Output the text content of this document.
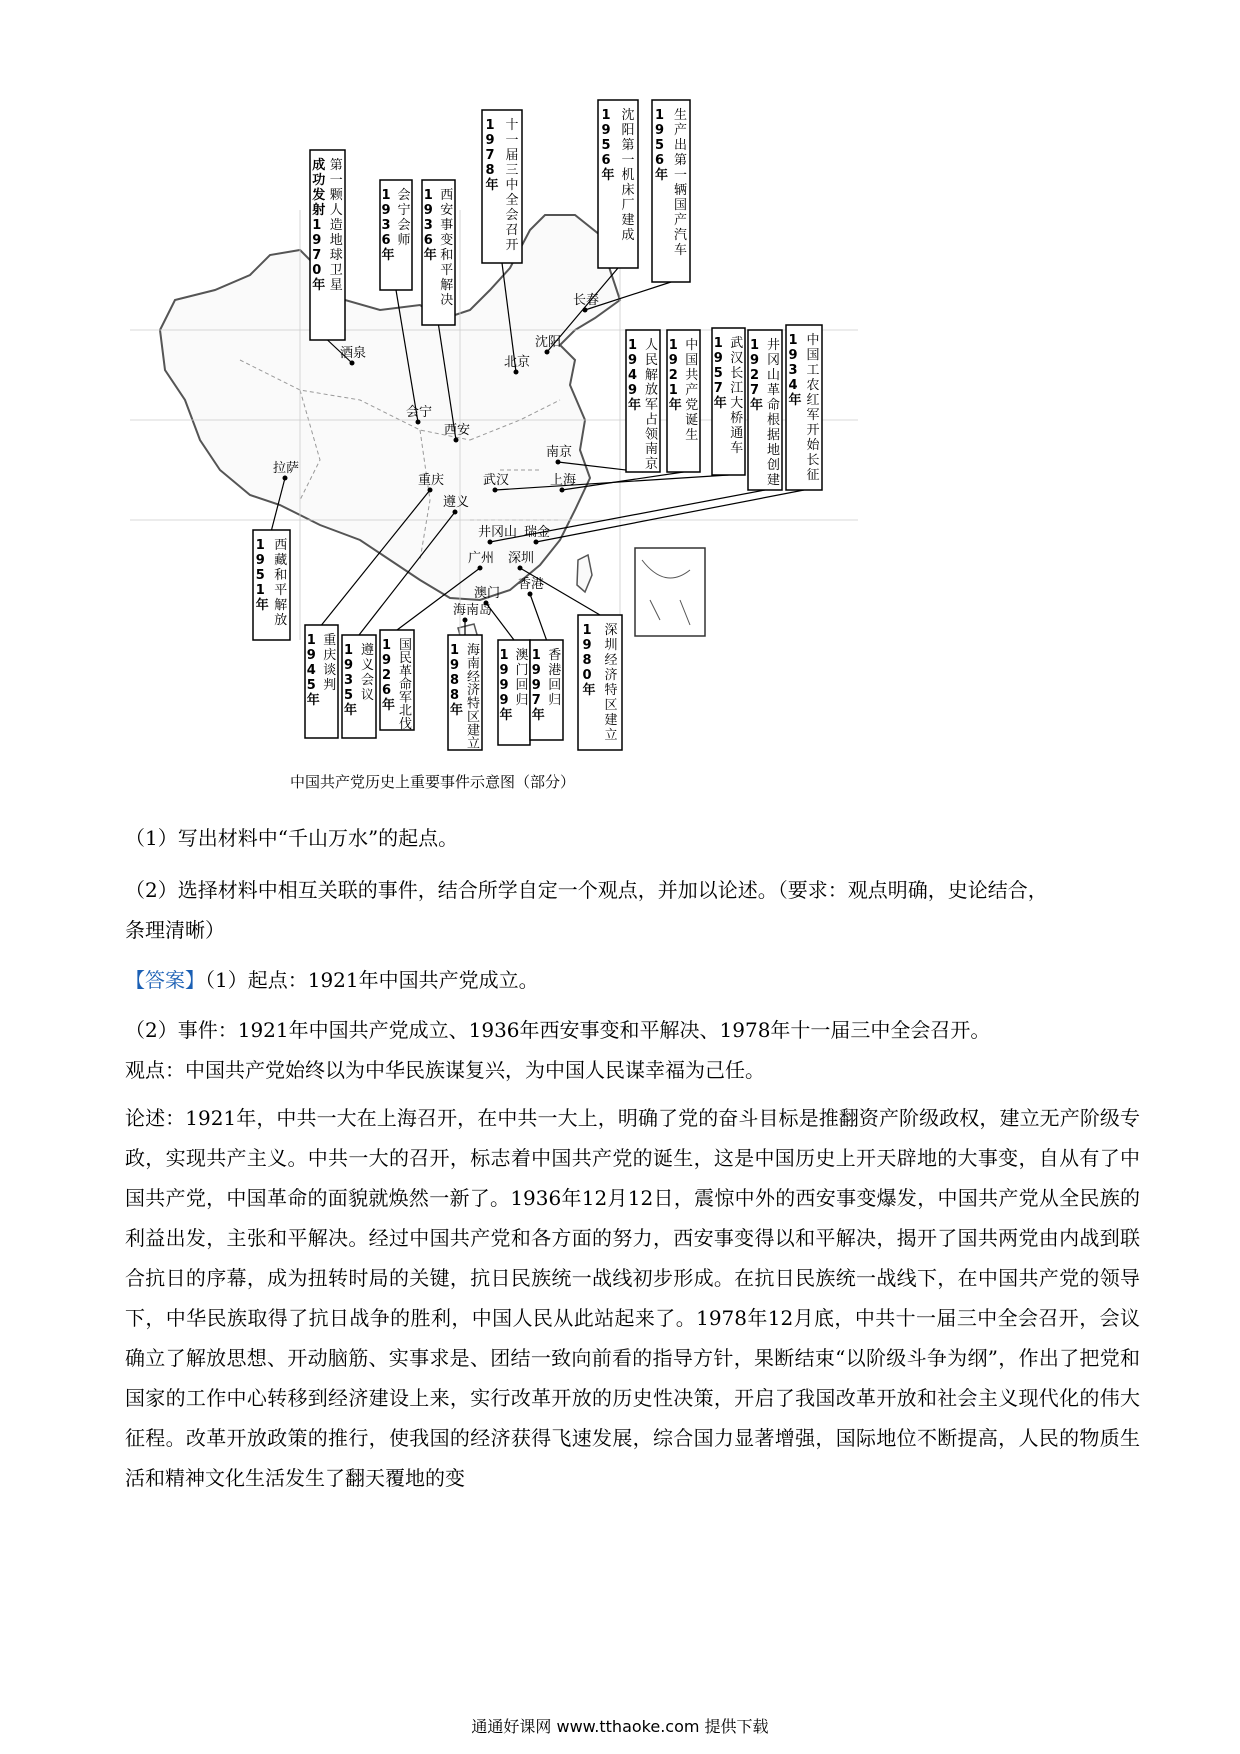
酒泉
会宁
西安
北京
沈阳
长春
拉萨
重庆
遵义
武汉
南京
上海
井冈山 瑞金
广州 深圳
香港
澳门
海南岛
第
一
颗
人
造
地
球
卫
星
成
功
发
射
1
9
7
0
年
会
宁
会
师
1
9
3
6
年
西
安
事
变
和
平
解
决
1
9
3
6
年
十
一
届
三
中
全
会
召
开
1
9
7
8
年
沈
阳
第
一
机
床
厂
建
成
1
9
5
6
年
生
产
出
第
一
辆
国
产
汽
车
1
9
5
6
年
人
民
解
放
军
占
领
南
京
1
9
4
9
年
中
国
共
产
党
诞
生
1
9
2
1
年
武
汉
长
江
大
桥
通
车
1
9
5
7
年
井
冈
山
革
命
根
据
地
创
建
1
9
2
7
年
中
国
工
农
红
军
开
始
长
征
1
9
3
4
年
西
藏
和
平
解
放
1
9
5
1
年
重
庆
谈
判
1
9
4
5
年
遵
义
会
议
1
9
3
5
年
国
民
革
命
军
北
伐
1
9
2
6
年
海
南
经
济
特
区
建
立
1
9
8
8
年
澳
门
回
归
1
9
9
9
年
香
港
回
归
1
9
9
7
年
深
圳
经
济
特
区
建
立
1
9
8
0
年
中国共产党历史上重要事件示意图（部分）
（1）写出材料中“千山万水”的起点。
（2）选择材料中相互关联的事件，结合所学自定一个观点，并加以论述。（要求：观点明确，史论结合，
条理清晰）
【答案】（1）起点：1921年中国共产党成立。
（2）事件：1921年中国共产党成立、1936年西安事变和平解决、1978年十一届三中全会召开。
观点：中国共产党始终以为中华民族谋复兴，为中国人民谋幸福为己任。

论述：1921年，中共一大在上海召开，在中共一大上，明确了党的奋斗目标是推翻资产阶级政权，建立无产阶级专政，实现共产主义。中共一大的召开，标志着中国共产党的诞生，这是中国历史上开天辟地的大事变，自从有了中国共产党，中国革命的面貌就焕然一新了。1936年12月12日，震惊中外的西安事变爆发，中国共产党从全民族的利益出发，主张和平解决。经过中国共产党和各方面的努力，西安事变得以和平解决，揭开了国共两党由内战到联合抗日的序幕，成为扭转时局的关键，抗日民族统一战线初步形成。在抗日民族统一战线下，在中国共产党的领导下，中华民族取得了抗日战争的胜利，中国人民从此站起来了。1978年12月底，中共十一届三中全会召开，会议确立了解放思想、开动脑筋、实事求是、团结一致向前看的指导方针，果断结束“以阶级斗争为纲”，作出了把党和国家的工作中心转移到经济建设上来，实行改革开放的历史性决策，开启了我国改革开放和社会主义现代化的伟大征程。改革开放政策的推行，使我国的经济获得飞速发展，综合国力显著增强，国际地位不断提高，人民的物质生活和精神文化生活发生了翻天覆地的变

通通好课网 www.tthaoke.com 提供下载
